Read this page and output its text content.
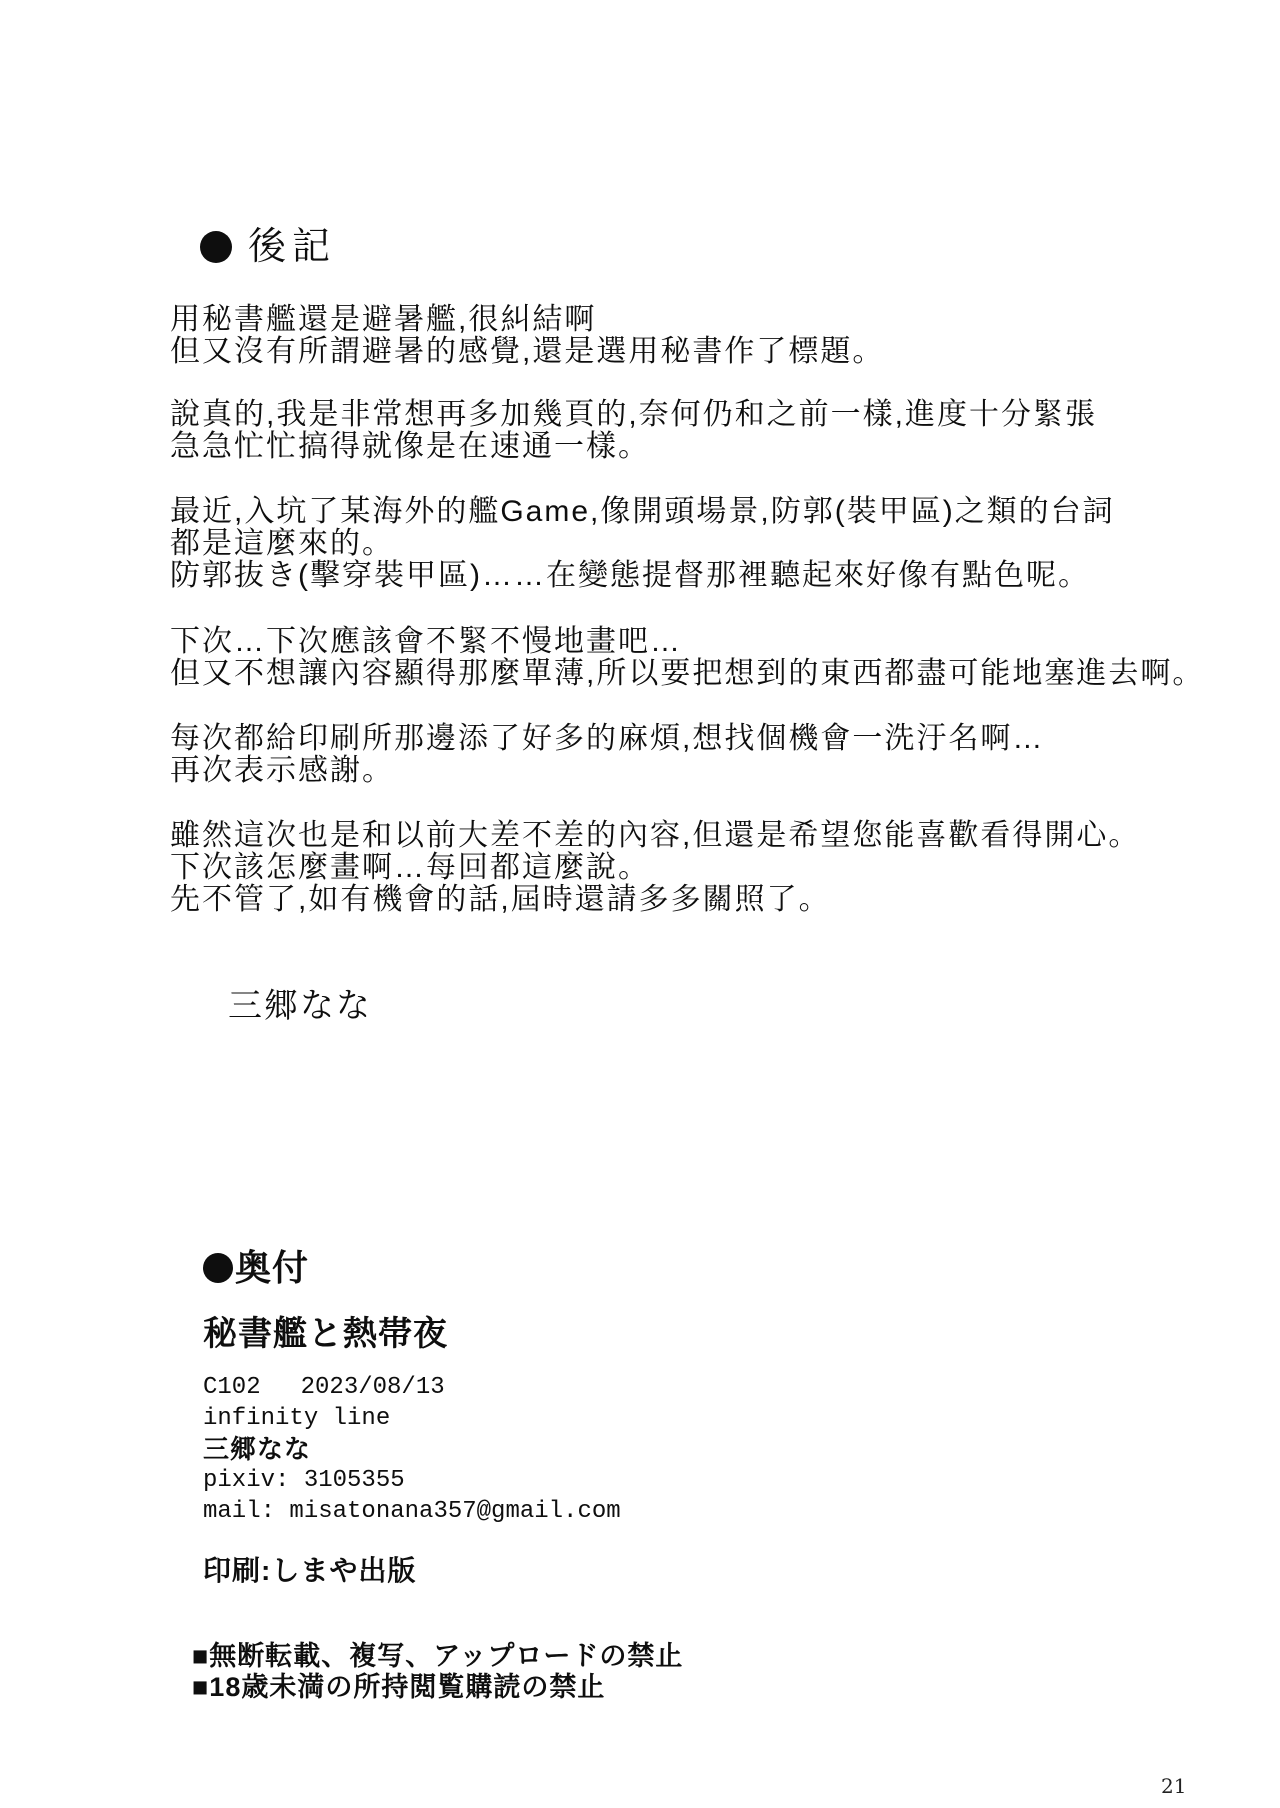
後記
用秘書艦還是避暑艦,很糾結啊
但又沒有所謂避暑的感覺,還是選用秘書作了標題。
說真的,我是非常想再多加幾頁的,奈何仍和之前一樣,進度十分緊張
急急忙忙搞得就像是在速通一樣。
最近,入坑了某海外的艦Game,像開頭場景,防郭(裝甲區)之類的台詞
都是這麼來的。
防郭抜き(擊穿裝甲區)……在變態提督那裡聽起來好像有點色呢。
下次…下次應該會不緊不慢地畫吧…
但又不想讓內容顯得那麼單薄,所以要把想到的東西都盡可能地塞進去啊。
每次都給印刷所那邊添了好多的麻煩,想找個機會一洗汙名啊…
再次表示感謝。
雖然這次也是和以前大差不差的內容,但還是希望您能喜歡看得開心。
下次該怎麼畫啊…每回都這麼說。
先不管了,如有機會的話,屆時還請多多關照了。
三郷なな
奥付
秘書艦と熱帯夜
C102 2023/08/13
infinity line
三郷なな
pixiv: 3105355
mail: misatonana357@gmail.com
印刷:しまや出版
■無断転載、複写、アップロードの禁止
■18歳未満の所持閲覧購読の禁止
21
